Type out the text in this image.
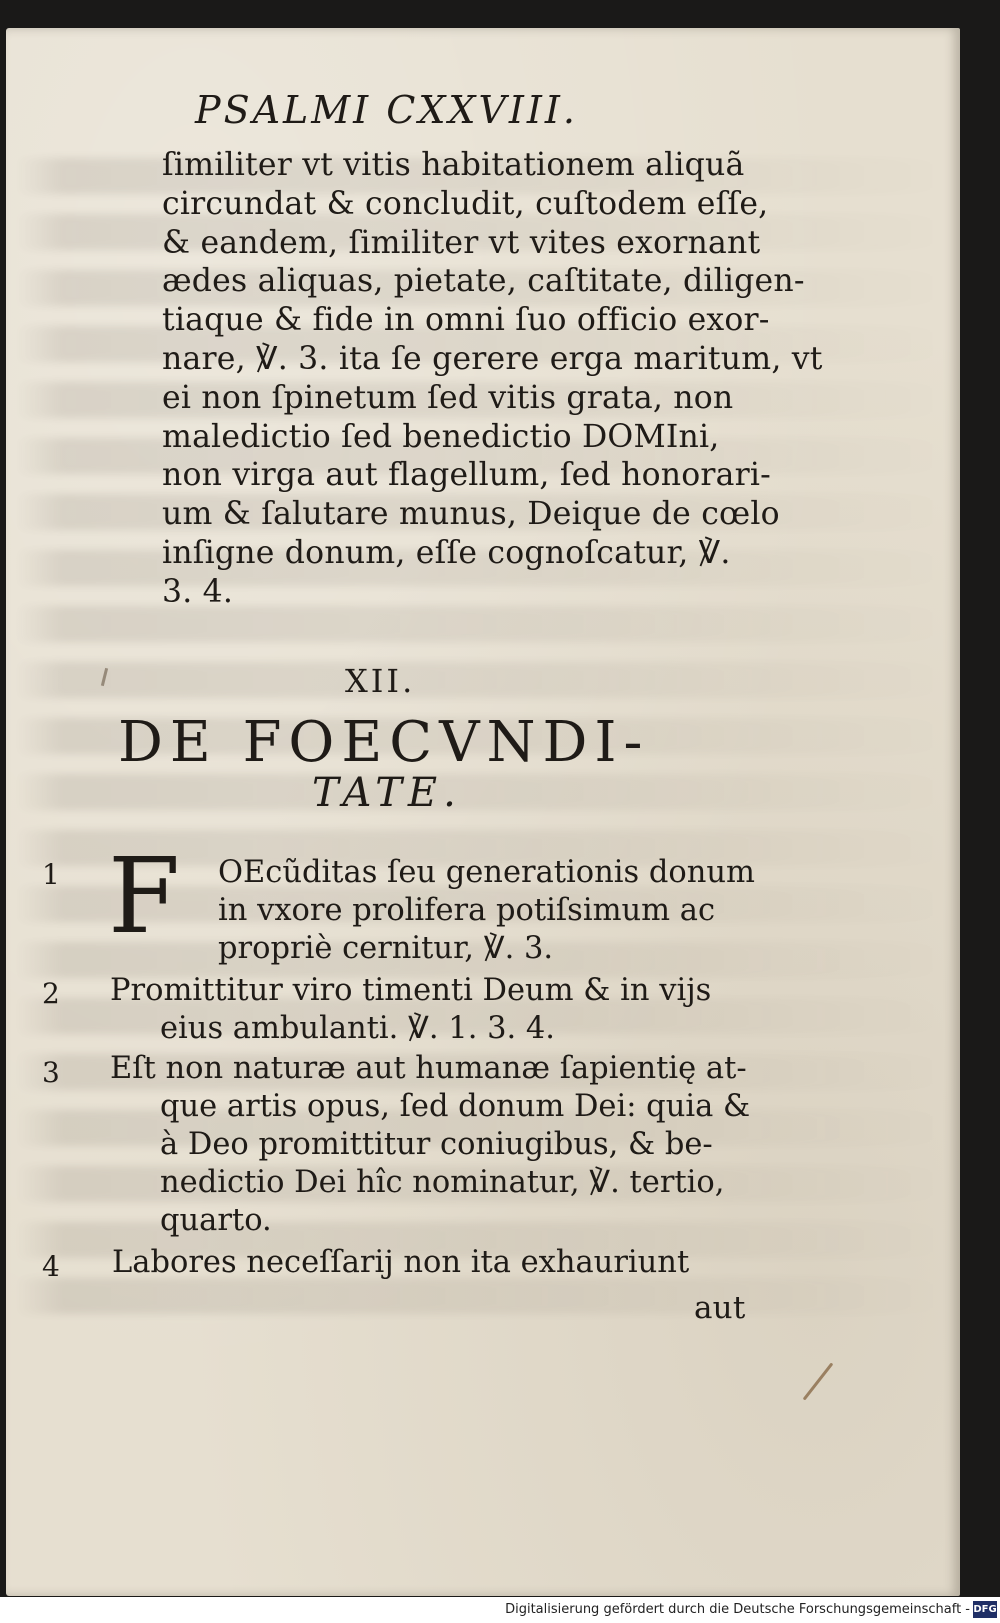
PSALMI CXXVIII.

ſimiliter vt vitis habitationem aliquã
circundat & concludit, cuſtodem eſſe,
& eandem, ſimiliter vt vites exornant
ædes aliquas, pietate, caſtitate, diligen-
tiaque & fide in omni ſuo officio exor-
nare, ℣. 3. ita ſe gerere erga maritum, vt
ei non ſpinetum ſed vitis grata, non
maledictio ſed benedictio DOMIni,
non virga aut flagellum, ſed honorari-
um & ſalutare munus, Deique de cœlo
inſigne donum, eſſe cognoſcatur, ℣.
3. 4.

XII.

DE FOECVNDI-

TATE.

F

1	OEcũditas ſeu generationis donum
in vxore prolifera potiſsimum ac
propriè cernitur, ℣. 3.

2 Promittitur viro timenti Deum & in vijs
eius ambulanti. ℣. 1. 3. 4.

3 Eſt non naturæ aut humanæ ſapientię at-
que artis opus, ſed donum Dei: quia &
à Deo promittitur coniugibus, & be-
nedictio Dei hîc nominatur, ℣. tertio,
quarto.

4 Labores neceſſarij non ita exhauriunt

aut

Digitalisierung gefördert durch die Deutsche Forschungsgemeinschaft - DFG
